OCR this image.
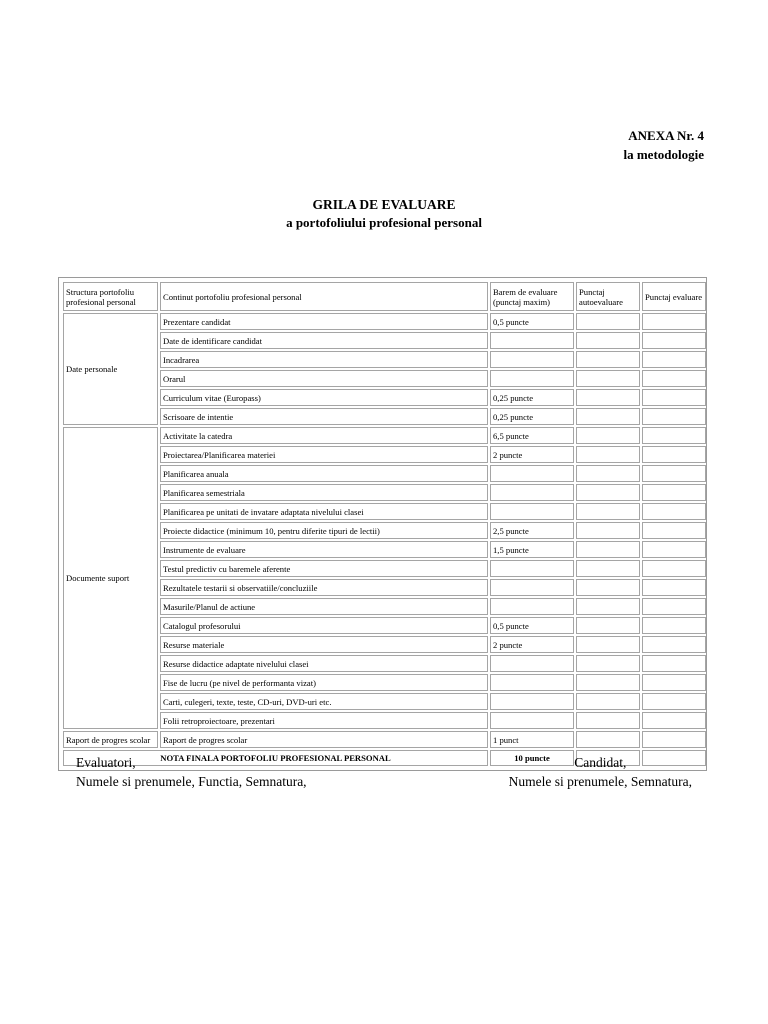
ANEXA Nr. 4
la metodologie
GRILA DE EVALUARE
a portofoliului profesional personal
Structura portofoliu profesional personal	Continut portofoliu profesional personal	Barem de evaluare (punctaj maxim)	Punctaj autoevaluare	Punctaj evaluare
Date personale	Prezentare candidat	0,5 puncte		
	Date de identificare candidat			
	Incadrarea			
	Orarul			
	Curriculum vitae (Europass)	0,25 puncte		
	Scrisoare de intentie	0,25 puncte		
Documente suport	Activitate la catedra	6,5 puncte		
	Proiectarea/Planificarea materiei	2 puncte		
	Planificarea anuala			
	Planificarea semestriala			
	Planificarea pe unitati de invatare adaptata nivelului clasei			
	Proiecte didactice (minimum 10, pentru diferite tipuri de lectii)	2,5 puncte		
	Instrumente de evaluare	1,5 puncte		
	Testul predictiv cu baremele aferente			
	Rezultatele testarii si observatiile/concluziile			
	Masurile/Planul de actiune			
	Catalogul profesorului	0,5 puncte		
	Resurse materiale	2 puncte		
	Resurse didactice adaptate nivelului clasei			
	Fise de lucru (pe nivel de performanta vizat)			
	Carti, culegeri, texte, teste, CD-uri, DVD-uri etc.			
	Folii retroproiectoare, prezentari			
Raport de progres scolar	Raport de progres scolar	1 punct		
NOTA FINALA PORTOFOLIU PROFESIONAL PERSONAL		10 puncte		
Evaluatori,
Numele si prenumele, Functia, Semnatura,
Candidat,
Numele si prenumele, Semnatura,
